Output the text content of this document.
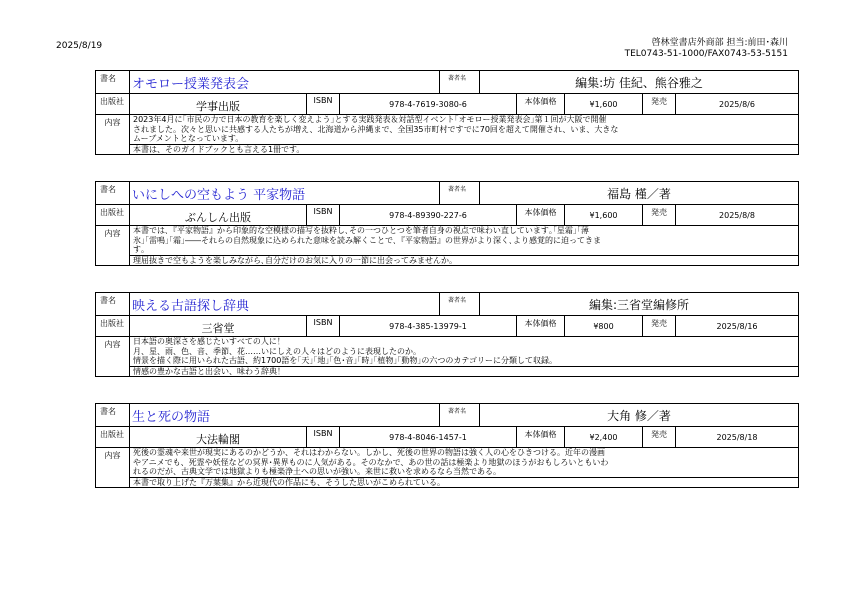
2025/8/19	啓林堂書店外商部 担当:前田･森川
TEL0743-51-1000/FAX0743-53-5151
書名	オモロー授業発表会	著者名	編集:坊 佳紀、熊谷雅之
出版社	学事出版	ISBN	978-4-7619-3080-6	本体価格	¥1,600	発売	2025/8/6
内容	2023年4月に｢市民の力で日本の教育を楽しく変えよう｣とする実践発表＆対話型イベント｢オモロー授業発表会｣第１回が大阪で開催
されました。次々と思いに共感する人たちが増え、北海道から沖縄まで、全国35市町村ですでに70回を超えて開催され、いま、大きな
ムーブメントとなっています。
本書は、そのガイドブックとも言える1冊です。
書名	いにしへの空もよう 平家物語	著者名	福島 槿／著
出版社	ぶんしん出版	ISBN	978-4-89390-227-6	本体価格	¥1,600	発売	2025/8/8
内容	本書では､『平家物語』から印象的な空模様の描写を抜粋し､その一つひとつを筆者自身の視点で味わい直しています｡｢星霜｣｢薄
氷｣｢雷鳴｣｢霜｣――それらの自然現象に込められた意味を読み解くことで､『平家物語』の世界がより深く､より感覚的に迫ってきま
す｡
理屈抜きで空もようを楽しみながら､自分だけのお気に入りの一節に出会ってみませんか｡
書名	映える古語探し辞典	著者名	編集:三省堂編修所
出版社	三省堂	ISBN	978-4-385-13979-1	本体価格	¥800	発売	2025/8/16
内容	日本語の奥深さを感じたいすべての人に！
月、星、雨、色、音、季節、花……いにしえの人々はどのように表現したのか。
情景を描く際に用いられた古語、約1700語を｢天｣｢地｣｢色･音｣｢時｣｢植物｣｢動物｣の六つのカテゴリーに分類して収録。
情感の豊かな古語と出会い、味わう辞典！
書名	生と死の物語	著者名	大角 修／著
出版社	大法輪閣	ISBN	978-4-8046-1457-1	本体価格	¥2,400	発売	2025/8/18
内容	死後の霊魂や来世が現実にあるのかどうか、それはわからない。しかし、死後の世界の物語は強く人の心をひきつける。近年の漫画
やアニメでも、死霊や妖怪などの冥界･異界ものに人気がある。そのなかで、あの世の話は極楽より地獄のほうがおもしろいともいわ
れるのだが、古典文学では地獄よりも極楽浄土への思いが強い。来世に救いを求めるなら当然である。
本書で取り上げた『万葉集』から近現代の作品にも、そうした思いがこめられている。
